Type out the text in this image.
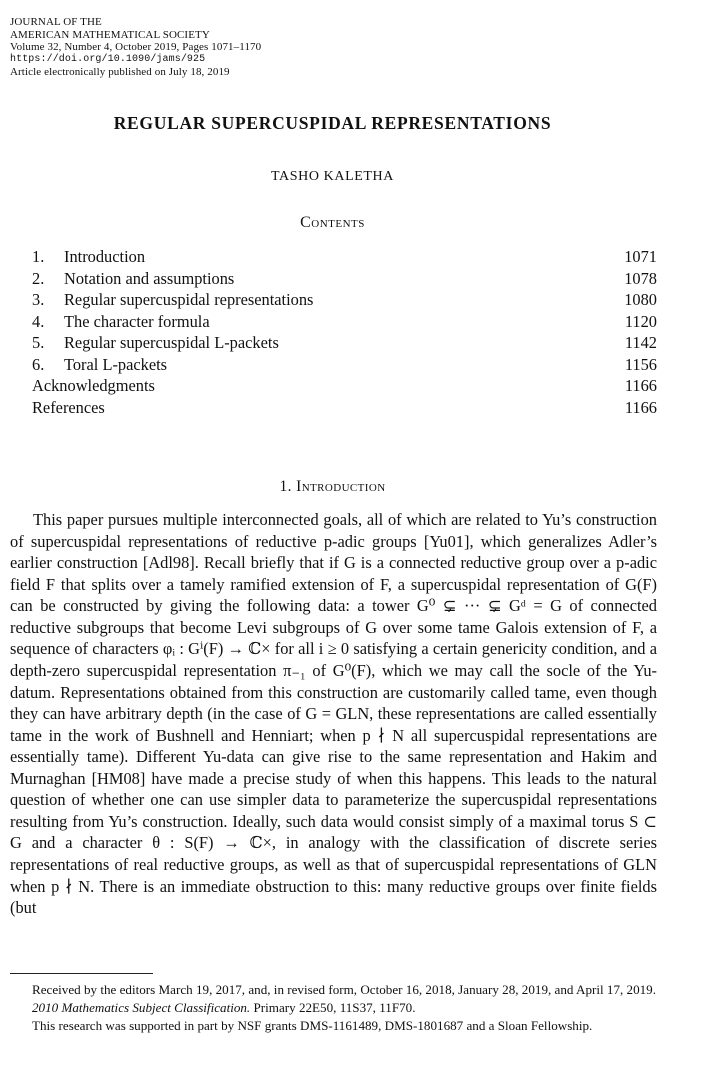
JOURNAL OF THE
AMERICAN MATHEMATICAL SOCIETY
Volume 32, Number 4, October 2019, Pages 1071–1170
https://doi.org/10.1090/jams/925
Article electronically published on July 18, 2019
REGULAR SUPERCUSPIDAL REPRESENTATIONS
TASHO KALETHA
Contents
1. Introduction	1071
2. Notation and assumptions	1078
3. Regular supercuspidal representations	1080
4. The character formula	1120
5. Regular supercuspidal L-packets	1142
6. Toral L-packets	1156
Acknowledgments	1166
References	1166
1. Introduction

This paper pursues multiple interconnected goals, all of which are related to Yu’s construction of supercuspidal representations of reductive p-adic groups [Yu01], which generalizes Adler’s earlier construction [Adl98]. Recall briefly that if G is a connected reductive group over a p-adic field F that splits over a tamely ramified extension of F, a supercuspidal representation of G(F) can be constructed by giving the following data: a tower G⁰ ⊊ ··· ⊊ Gᵈ = G of connected reductive subgroups that become Levi subgroups of G over some tame Galois extension of F, a sequence of characters φᵢ : Gⁱ(F) → ℂ× for all i ≥ 0 satisfying a certain genericity condition, and a depth-zero supercuspidal representation π₋₁ of G⁰(F), which we may call the socle of the Yu-datum. Representations obtained from this construction are customarily called tame, even though they can have arbitrary depth (in the case of G = GLN, these representations are called essentially tame in the work of Bushnell and Henniart; when p ∤ N all supercuspidal representations are essentially tame). Different Yu-data can give rise to the same representation and Hakim and Murnaghan [HM08] have made a precise study of when this happens. This leads to the natural question of whether one can use simpler data to parameterize the supercuspidal representations resulting from Yu’s construction. Ideally, such data would consist simply of a maximal torus S ⊂ G and a character θ : S(F) → ℂ×, in analogy with the classification of discrete series representations of real reductive groups, as well as that of supercuspidal representations of GLN when p ∤ N. There is an immediate obstruction to this: many reductive groups over finite fields (but

Received by the editors March 19, 2017, and, in revised form, October 16, 2018, January 28, 2019, and April 17, 2019.

2010 Mathematics Subject Classification. Primary 22E50, 11S37, 11F70.

This research was supported in part by NSF grants DMS-1161489, DMS-1801687 and a Sloan Fellowship.
